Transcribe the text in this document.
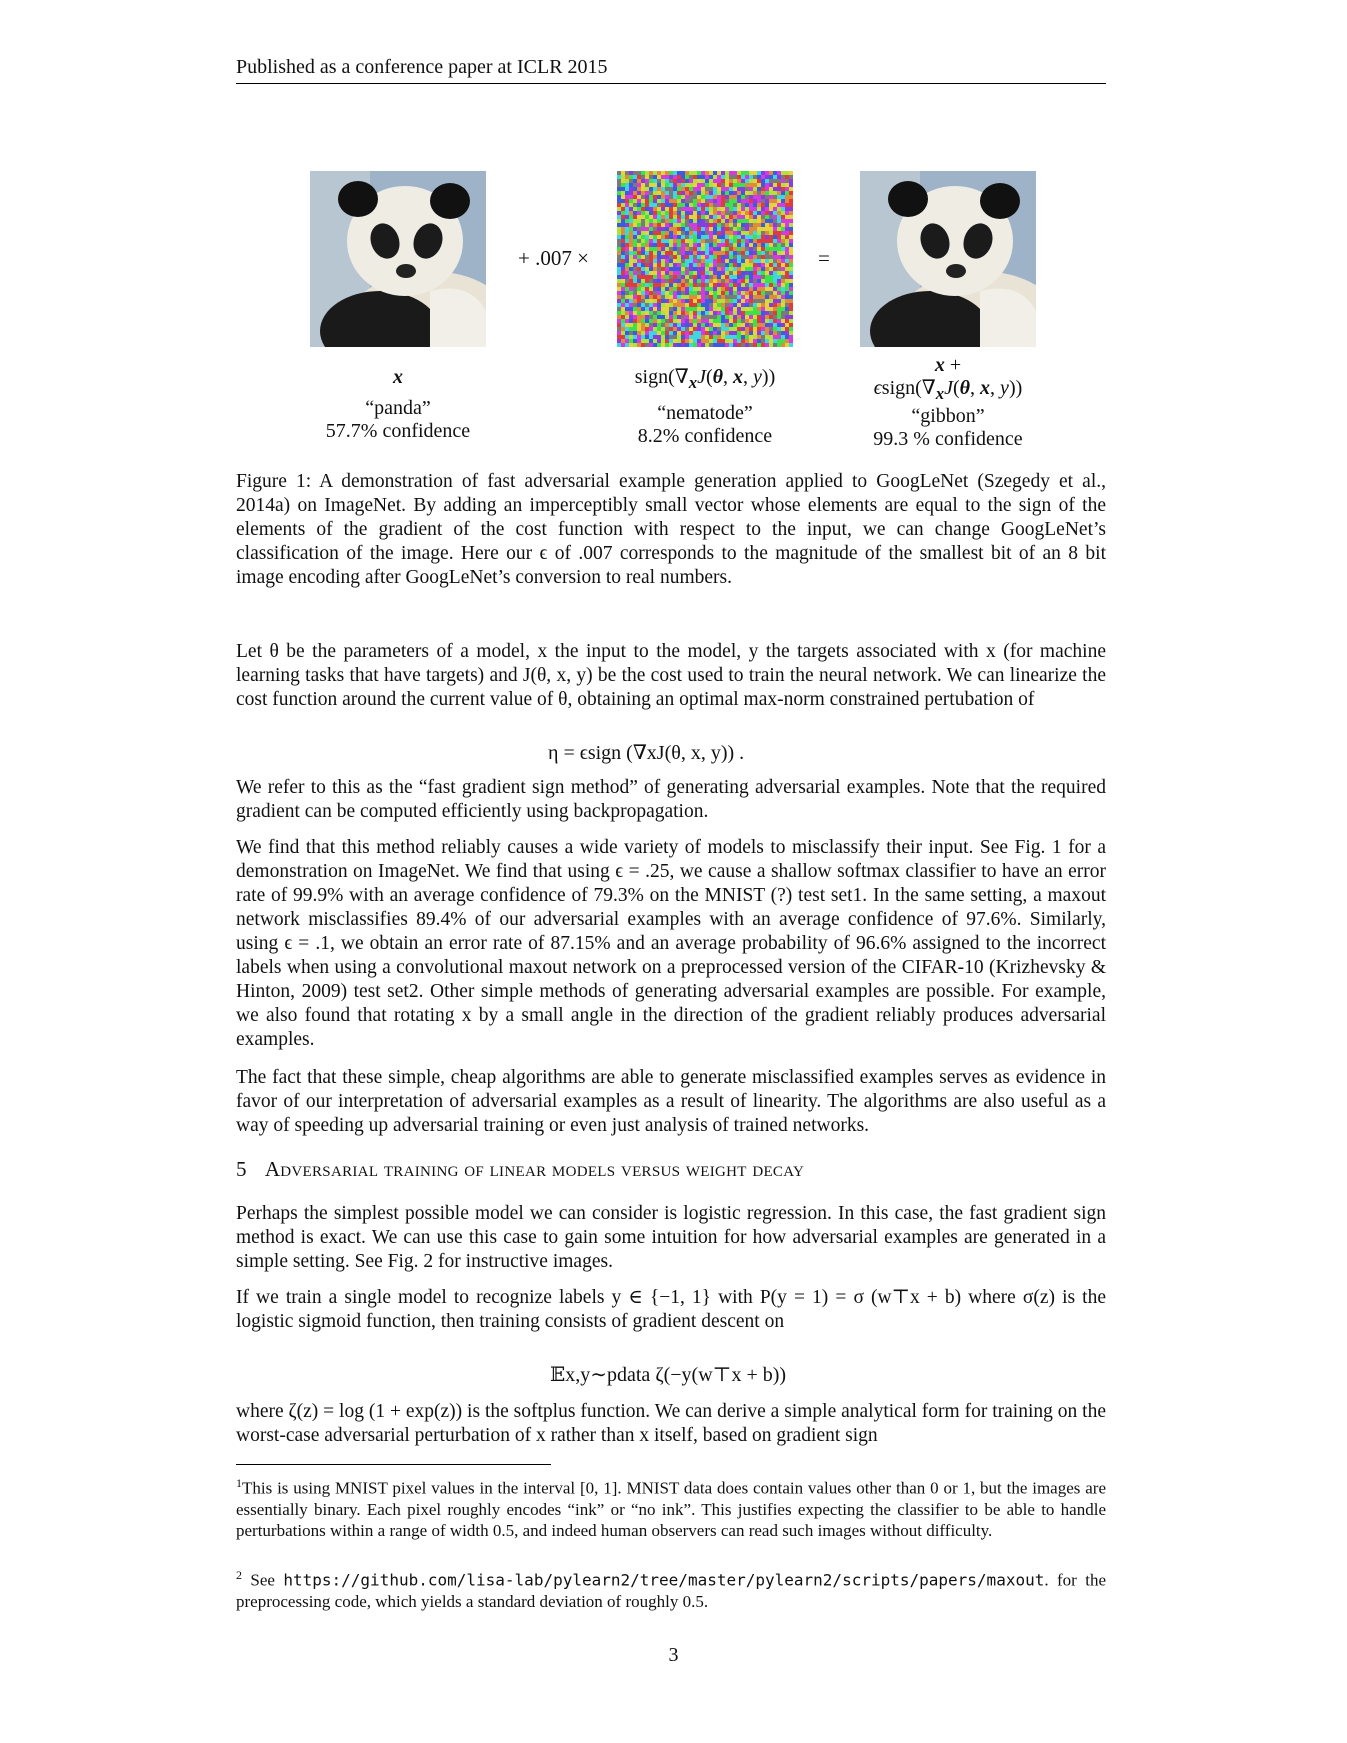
Published as a conference paper at ICLR 2015
+ .007 ×	=
x
“panda”
57.7% confidence
$sign(\nabla_xJ(\theta$, x, y))
“nematode”
8.2% confidence
x +
$\epsilon sign(\nabla_xJ(\theta$, x, y))
“gibbon”
99.3 % confidence
Figure 1: A demonstration of fast adversarial example generation applied to GoogLeNet (Szegedy et al., 2014a) on ImageNet. By adding an imperceptibly small vector whose elements are equal to the sign of the elements of the gradient of the cost function with respect to the input, we can change GoogLeNet’s classification of the image. Here our ϵ of .007 corresponds to the magnitude of the smallest bit of an 8 bit image encoding after GoogLeNet’s conversion to real numbers.
Let θ be the parameters of a model, x the input to the model, y the targets associated with x (for machine learning tasks that have targets) and J(θ, x, y) be the cost used to train the neural network. We can linearize the cost function around the current value of θ, obtaining an optimal max-norm constrained pertubation of
η = ϵsign (∇xJ(θ, x, y)) .
We refer to this as the “fast gradient sign method” of generating adversarial examples. Note that the required gradient can be computed efficiently using backpropagation.
We find that this method reliably causes a wide variety of models to misclassify their input. See Fig. 1 for a demonstration on ImageNet. We find that using ϵ = .25, we cause a shallow softmax classifier to have an error rate of 99.9% with an average confidence of 79.3% on the MNIST (?) test set1. In the same setting, a maxout network misclassifies 89.4% of our adversarial examples with an average confidence of 97.6%. Similarly, using ϵ = .1, we obtain an error rate of 87.15% and an average probability of 96.6% assigned to the incorrect labels when using a convolutional maxout network on a preprocessed version of the CIFAR-10 (Krizhevsky & Hinton, 2009) test set2. Other simple methods of generating adversarial examples are possible. For example, we also found that rotating x by a small angle in the direction of the gradient reliably produces adversarial examples.
The fact that these simple, cheap algorithms are able to generate misclassified examples serves as evidence in favor of our interpretation of adversarial examples as a result of linearity. The algorithms are also useful as a way of speeding up adversarial training or even just analysis of trained networks.
5 Adversarial training of linear models versus weight decay
Perhaps the simplest possible model we can consider is logistic regression. In this case, the fast gradient sign method is exact. We can use this case to gain some intuition for how adversarial examples are generated in a simple setting. See Fig. 2 for instructive images.
If we train a single model to recognize labels y ∈ {−1, 1} with P(y = 1) = σ (w⊤x + b) where σ(z) is the logistic sigmoid function, then training consists of gradient descent on
𝔼x,y∼pdata ζ(−y(w⊤x + b))
where ζ(z) = log (1 + exp(z)) is the softplus function. We can derive a simple analytical form for training on the worst-case adversarial perturbation of x rather than x itself, based on gradient sign
$^1$This is using MNIST pixel values in the interval [0, 1]. MNIST data does contain values other than 0 or 1, but the images are essentially binary. Each pixel roughly encodes “ink” or “no ink”. This justifies expecting the classifier to be able to handle perturbations within a range of width 0.5, and indeed human observers can read such images without difficulty.
$^2$ See https://github.com/lisa-lab/pylearn2/tree/master/pylearn2/scripts/papers/maxout. for the preprocessing code, which yields a standard deviation of roughly 0.5.
3
